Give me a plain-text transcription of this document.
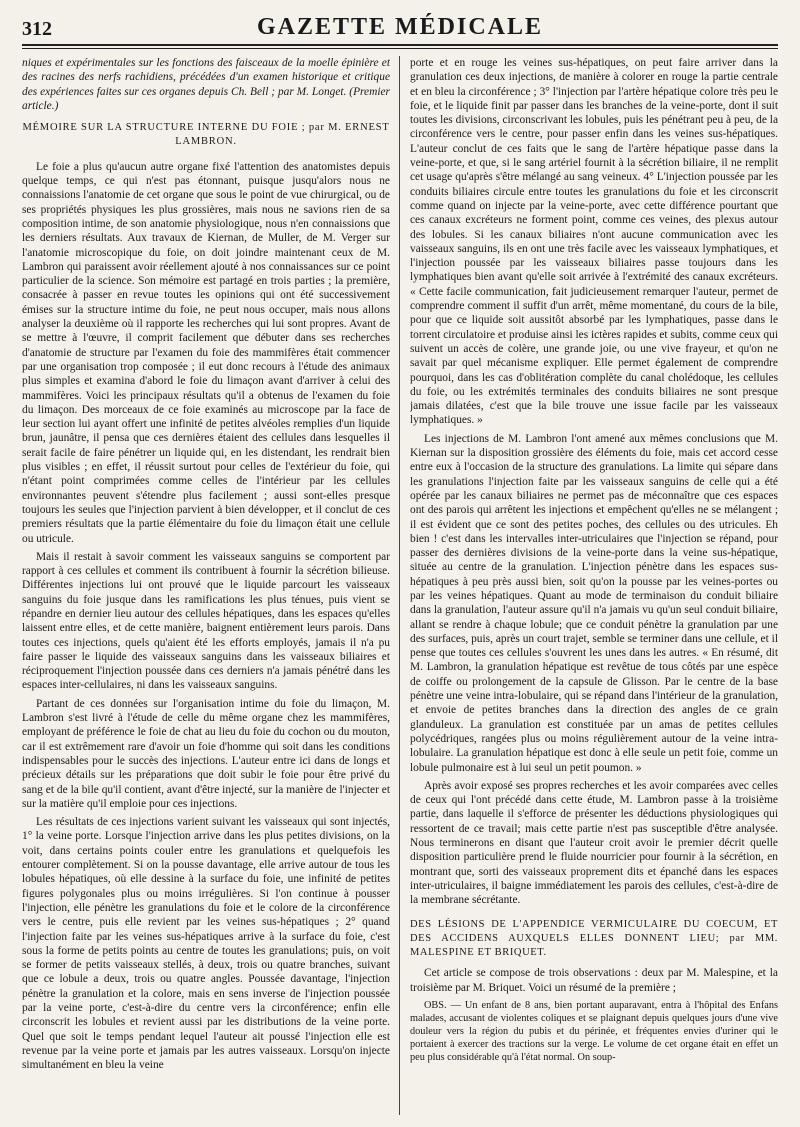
312	GAZETTE MÉDICALE

niques et expérimentales sur les fonctions des faisceaux de la moelle épinière et des racines des nerfs rachidiens, précédées d'un examen historique et critique des expériences faites sur ces organes depuis Ch. Bell ; par M. Longet. (Premier article.)

MÉMOIRE SUR LA STRUCTURE INTERNE DU FOIE ; par M. ERNEST LAMBRON.

Le foie a plus qu'aucun autre organe fixé l'attention des anatomistes depuis quelque temps, ce qui n'est pas étonnant, puisque jusqu'alors nous ne connaissions l'anatomie de cet organe que sous le point de vue chirurgical, ou de ses propriétés physiques les plus grossières, mais nous ne savions rien de sa composition intime, de son anatomie physiologique, nous n'en connaissions que les derniers résultats. Aux travaux de Kiernan, de Muller, de M. Verger sur l'anatomie microscopique du foie, on doit joindre maintenant ceux de M. Lambron qui paraissent avoir réellement ajouté à nos connaissances sur ce point particulier de la science. Son mémoire est partagé en trois parties ; la première, consacrée à passer en revue toutes les opinions qui ont été successivement émises sur la structure intime du foie, ne peut nous occuper, mais nous allons analyser la deuxième où il rapporte les recherches qui lui sont propres. Avant de se mettre à l'œuvre, il comprit facilement que débuter dans ses recherches d'anatomie de structure par l'examen du foie des mammifères était commencer par une organisation trop composée ; il eut donc recours à l'étude des animaux plus simples et examina d'abord le foie du limaçon avant d'arriver à celui des mammifères. Voici les principaux résultats qu'il a obtenus de l'examen du foie du limaçon. Des morceaux de ce foie examinés au microscope par la face de leur section lui ayant offert une infinité de petites alvéoles remplies d'un liquide brun, jaunâtre, il pensa que ces dernières étaient des cellules dans lesquelles il serait facile de faire pénétrer un liquide qui, en les distendant, les rendrait bien plus visibles ; en effet, il réussit surtout pour celles de l'extérieur du foie, qui n'étant point comprimées comme celles de l'intérieur par les cellules environnantes peuvent s'étendre plus facilement ; aussi sont-elles presque toujours les seules que l'injection parvient à bien développer, et il conclut de ces premiers résultats que la partie élémentaire du foie du limaçon était une cellule ou utricule.

Mais il restait à savoir comment les vaisseaux sanguins se comportent par rapport à ces cellules et comment ils contribuent à fournir la sécrétion bilieuse. Différentes injections lui ont prouvé que le liquide parcourt les vaisseaux sanguins du foie jusque dans les ramifications les plus ténues, puis vient se répandre en dernier lieu autour des cellules hépatiques, dans les espaces qu'elles laissent entre elles, et de cette manière, baignent entièrement leurs parois. Dans toutes ces injections, quels qu'aient été les efforts employés, jamais il n'a pu faire passer le liquide des vaisseaux sanguins dans les vaisseaux biliaires et réciproquement l'injection poussée dans ces derniers n'a jamais pénétré dans les espaces inter-cellulaires, ni dans les vaisseaux sanguins.

Partant de ces données sur l'organisation intime du foie du limaçon, M. Lambron s'est livré à l'étude de celle du même organe chez les mammifères, employant de préférence le foie de chat au lieu du foie du cochon ou du mouton, car il est extrêmement rare d'avoir un foie d'homme qui soit dans les conditions indispensables pour le succès des injections. L'auteur entre ici dans de longs et précieux détails sur les préparations que doit subir le foie pour être privé du sang et de la bile qu'il contient, avant d'être injecté, sur la manière de l'injecter et sur la matière qu'il emploie pour ces injections.

Les résultats de ces injections varient suivant les vaisseaux qui sont injectés, 1° la veine porte. Lorsque l'injection arrive dans les plus petites divisions, on la voit, dans certains points couler entre les granulations et quelquefois les entourer complètement. Si on la pousse davantage, elle arrive autour de tous les lobules hépatiques, où elle dessine à la surface du foie, une infinité de petites figures polygonales plus ou moins irrégulières. Si l'on continue à pousser l'injection, elle pénètre les granulations du foie et le colore de la circonférence vers le centre, puis elle revient par les veines sus-hépatiques ; 2° quand l'injection faite par les veines sus-hépatiques arrive à la surface du foie, c'est sous la forme de petits points au centre de toutes les granulations; puis, on voit se former de petits vaisseaux stellés, à deux, trois ou quatre branches, suivant que ce lobule a deux, trois ou quatre angles. Poussée davantage, l'injection pénètre la granulation et la colore, mais en sens inverse de l'injection poussée par la veine porte, c'est-à-dire du centre vers la circonférence; enfin elle circonscrit les lobules et revient aussi par les distributions de la veine porte. Quel que soit le temps pendant lequel l'auteur ait poussé l'injection elle est revenue par la veine porte et jamais par les autres vaisseaux. Lorsqu'on injecte simultanément en bleu la veine

porte et en rouge les veines sus-hépatiques, on peut faire arriver dans la granulation ces deux injections, de manière à colorer en rouge la partie centrale et en bleu la circonférence ; 3° l'injection par l'artère hépatique colore très peu le foie, et le liquide finit par passer dans les branches de la veine-porte, dont il suit toutes les divisions, circonscrivant les lobules, puis les pénétrant peu à peu, de la circonférence vers le centre, pour passer enfin dans les veines sus-hépatiques. L'auteur conclut de ces faits que le sang de l'artère hépatique passe dans la veine-porte, et que, si le sang artériel fournit à la sécrétion biliaire, il ne remplit cet usage qu'après s'être mélangé au sang veineux. 4° L'injection poussée par les conduits biliaires circule entre toutes les granulations du foie et les circonscrit comme quand on injecte par la veine-porte, avec cette différence pourtant que ces canaux excréteurs ne forment point, comme ces veines, des plexus autour des lobules. Si les canaux biliaires n'ont aucune communication avec les vaisseaux sanguins, ils en ont une très facile avec les vaisseaux lymphatiques, et l'injection poussée par les vaisseaux biliaires passe toujours dans les lymphatiques bien avant qu'elle soit arrivée à l'extrémité des canaux excréteurs. « Cette facile communication, fait judicieusement remarquer l'auteur, permet de comprendre comment il suffit d'un arrêt, même momentané, du cours de la bile, pour que ce liquide soit aussitôt absorbé par les lymphatiques, passe dans le torrent circulatoire et produise ainsi les ictères rapides et subits, comme ceux qui suivent un accès de colère, une grande joie, ou une vive frayeur, et qu'on ne savait par quel mécanisme expliquer. Elle permet également de comprendre pourquoi, dans les cas d'oblitération complète du canal cholédoque, les cellules du foie, ou les extrémités terminales des conduits biliaires ne sont presque jamais dilatées, c'est que la bile trouve une issue facile par les vaisseaux lymphatiques. »

Les injections de M. Lambron l'ont amené aux mêmes conclusions que M. Kiernan sur la disposition grossière des éléments du foie, mais cet accord cesse entre eux à l'occasion de la structure des granulations. La limite qui sépare dans les granulations l'injection faite par les vaisseaux sanguins de celle qui a été opérée par les canaux biliaires ne permet pas de méconnaître que ces espaces ont des parois qui arrêtent les injections et empêchent qu'elles ne se mélangent ; il est évident que ce sont des petites poches, des cellules ou des utricules. Eh bien ! c'est dans les intervalles inter-utriculaires que l'injection se répand, pour passer des dernières divisions de la veine-porte dans la veine sus-hépatique, située au centre de la granulation. L'injection pénètre dans les espaces sus-hépatiques à peu près aussi bien, soit qu'on la pousse par les veines-portes ou par les veines hépatiques. Quant au mode de terminaison du conduit biliaire dans la granulation, l'auteur assure qu'il n'a jamais vu qu'un seul conduit biliaire, allant se rendre à chaque lobule; que ce conduit pénètre la granulation par une des surfaces, puis, après un court trajet, semble se terminer dans une cellule, et il pense que toutes ces cellules s'ouvrent les unes dans les autres. « En résumé, dit M. Lambron, la granulation hépatique est revêtue de tous côtés par une espèce de coiffe ou prolongement de la capsule de Glisson. Par le centre de la base pénètre une veine intra-lobulaire, qui se répand dans l'intérieur de la granulation, et envoie de petites branches dans la direction des angles de ce grain glanduleux. La granulation est constituée par un amas de petites cellules polycédriques, rangées plus ou moins régulièrement autour de la veine intra-lobulaire. La granulation hépatique est donc à elle seule un petit foie, comme un lobule pulmonaire est à lui seul un petit poumon. »

Après avoir exposé ses propres recherches et les avoir comparées avec celles de ceux qui l'ont précédé dans cette étude, M. Lambron passe à la troisième partie, dans laquelle il s'efforce de présenter les déductions physiologiques qui ressortent de ce travail; mais cette partie n'est pas susceptible d'être analysée. Nous terminerons en disant que l'auteur croit avoir le premier décrit quelle disposition particulière prend le fluide nourricier pour fournir à la sécrétion, en montrant que, sorti des vaisseaux proprement dits et épanché dans les espaces inter-utriculaires, il baigne immédiatement les parois des cellules, c'est-à-dire de la membrane sécrétante.

DES LÉSIONS DE L'APPENDICE VERMICULAIRE DU COECUM, ET DES ACCIDENS AUXQUELS ELLES DONNENT LIEU; par MM. MALESPINE ET BRIQUET.

Cet article se compose de trois observations : deux par M. Malespine, et la troisième par M. Briquet. Voici un résumé de la première ;

OBS. — Un enfant de 8 ans, bien portant auparavant, entra à l'hôpital des Enfans malades, accusant de violentes coliques et se plaignant depuis quelques jours d'une vive douleur vers la région du pubis et du périnée, et fréquentes envies d'uriner qui le portaient à exercer des tractions sur la verge. Le volume de cet organe était en effet un peu plus considérable qu'à l'état normal. On soup-
